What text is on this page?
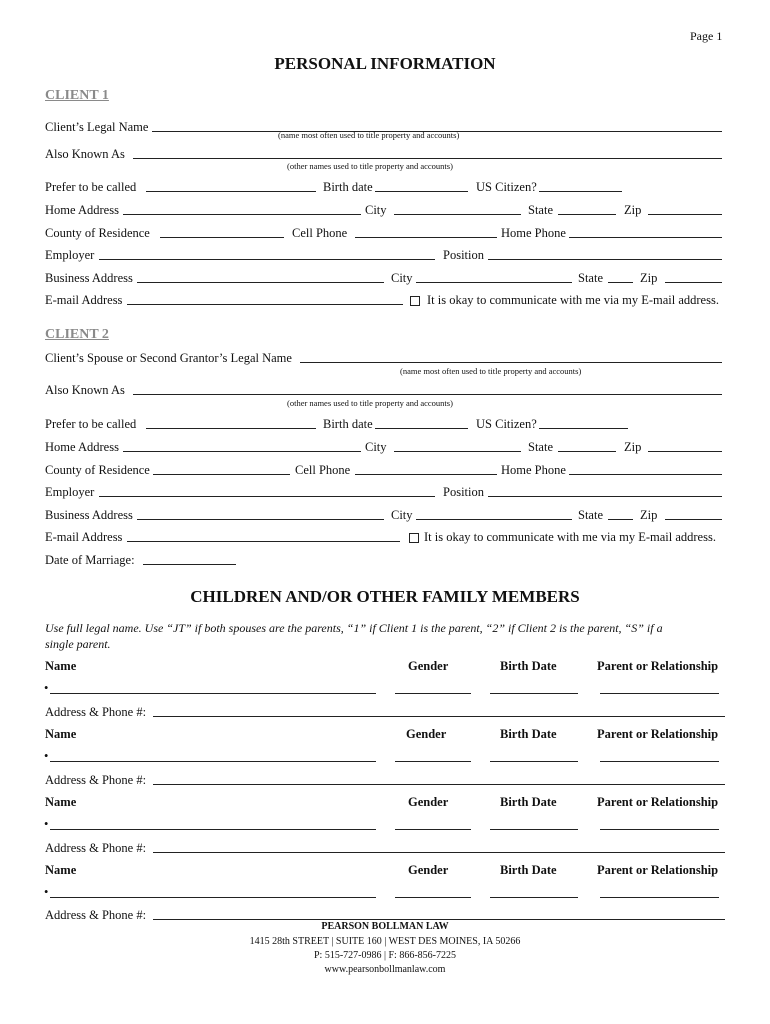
Page 1
PERSONAL INFORMATION
CLIENT 1
Client’s Legal Name
(name most often used to title property and accounts)
Also Known As
(other names used to title property and accounts)
Prefer to be called	Birth date	US Citizen?
Home Address	City	State	Zip
County of Residence	Cell Phone	Home Phone
Employer	Position
Business Address	City	State	Zip
E-mail Address	It is okay to communicate with me via my E-mail address.
CLIENT 2
Client’s Spouse or Second Grantor’s Legal Name
(name most often used to title property and accounts)
Also Known As
(other names used to title property and accounts)
Prefer to be called	Birth date	US Citizen?
Home Address	City	State	Zip
County of Residence	Cell Phone	Home Phone
Employer	Position
Business Address	City	State	Zip
E-mail Address	It is okay to communicate with me via my E-mail address.
Date of Marriage:
CHILDREN AND/OR OTHER FAMILY MEMBERS
Use full legal name. Use “JT” if both spouses are the parents, “1” if Client 1 is the parent, “2” if Client 2 is the parent, “S” if a
single parent.
Name	Gender	Birth Date	Parent or Relationship
•
Address & Phone #:
Name	Gender	Birth Date	Parent or Relationship
•
Address & Phone #:
Name	Gender	Birth Date	Parent or Relationship
•
Address & Phone #:
Name	Gender	Birth Date	Parent or Relationship
•
Address & Phone #:
PEARSON BOLLMAN LAW
1415 28th STREET | SUITE 160 | WEST DES MOINES, IA 50266
P: 515-727-0986 | F: 866-856-7225
www.pearsonbollmanlaw.com
